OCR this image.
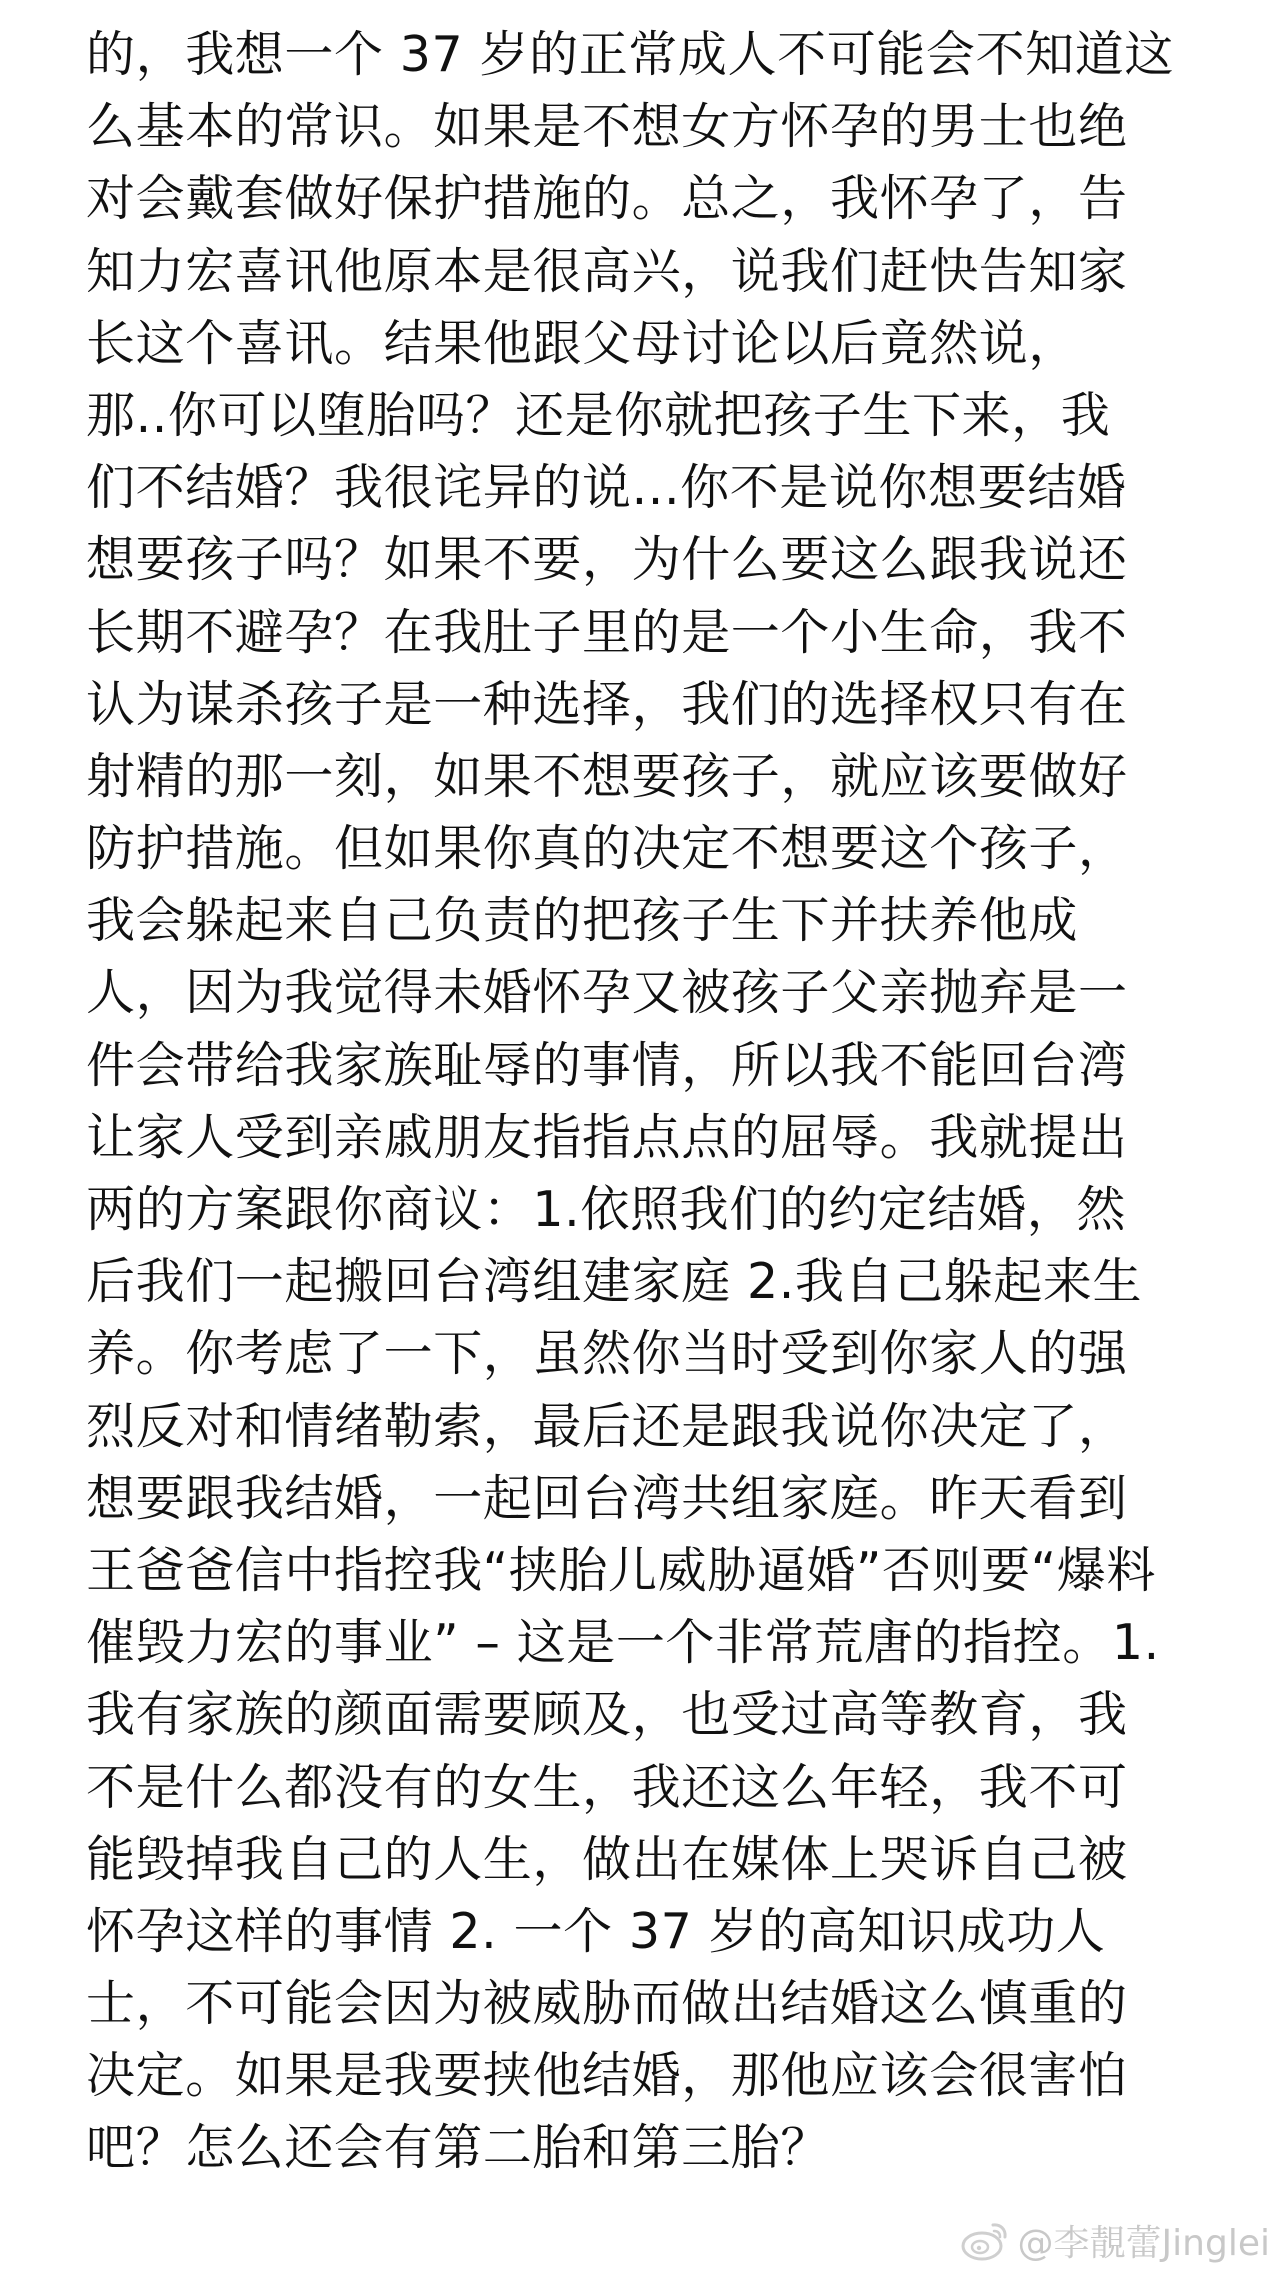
的，我想一个 37 岁的正常成人不可能会不知道这
么基本的常识。如果是不想女方怀孕的男士也绝
对会戴套做好保护措施的。总之，我怀孕了，告
知力宏喜讯他原本是很高兴，说我们赶快告知家
长这个喜讯。结果他跟父母讨论以后竟然说，
那..你可以堕胎吗？还是你就把孩子生下来，我
们不结婚？我很诧异的说...你不是说你想要结婚
想要孩子吗？如果不要，为什么要这么跟我说还
长期不避孕？在我肚子里的是一个小生命，我不
认为谋杀孩子是一种选择，我们的选择权只有在
射精的那一刻，如果不想要孩子，就应该要做好
防护措施。但如果你真的决定不想要这个孩子，
我会躲起来自己负责的把孩子生下并扶养他成
人，因为我觉得未婚怀孕又被孩子父亲抛弃是一
件会带给我家族耻辱的事情，所以我不能回台湾
让家人受到亲戚朋友指指点点的屈辱。我就提出
两的方案跟你商议：1.依照我们的约定结婚，然
后我们一起搬回台湾组建家庭 2.我自己躲起来生
养。你考虑了一下，虽然你当时受到你家人的强
烈反对和情绪勒索，最后还是跟我说你决定了，
想要跟我结婚，一起回台湾共组家庭。昨天看到
王爸爸信中指控我“挟胎儿威胁逼婚”否则要“爆料
催毁力宏的事业” – 这是一个非常荒唐的指控。1.
我有家族的颜面需要顾及，也受过高等教育，我
不是什么都没有的女生，我还这么年轻，我不可
能毁掉我自己的人生，做出在媒体上哭诉自己被
怀孕这样的事情 2. 一个 37 岁的高知识成功人
士，不可能会因为被威胁而做出结婚这么慎重的
决定。如果是我要挟他结婚，那他应该会很害怕
吧？怎么还会有第二胎和第三胎？
@李靚蕾Jinglei
